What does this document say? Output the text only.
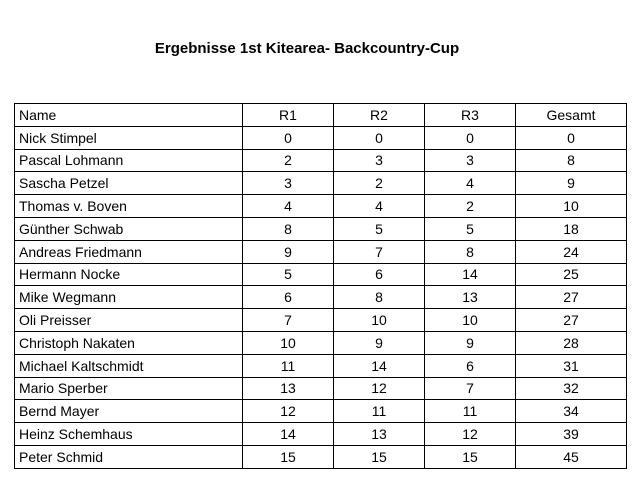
Ergebnisse 1st Kitearea- Backcountry-Cup
Name	R1	R2	R3	Gesamt
Nick Stimpel	0	0	0	0
Pascal Lohmann	2	3	3	8
Sascha Petzel	3	2	4	9
Thomas v. Boven	4	4	2	10
Günther Schwab	8	5	5	18
Andreas Friedmann	9	7	8	24
Hermann Nocke	5	6	14	25
Mike Wegmann	6	8	13	27
Oli Preisser	7	10	10	27
Christoph Nakaten	10	9	9	28
Michael Kaltschmidt	11	14	6	31
Mario Sperber	13	12	7	32
Bernd Mayer	12	11	11	34
Heinz Schemhaus	14	13	12	39
Peter Schmid	15	15	15	45
